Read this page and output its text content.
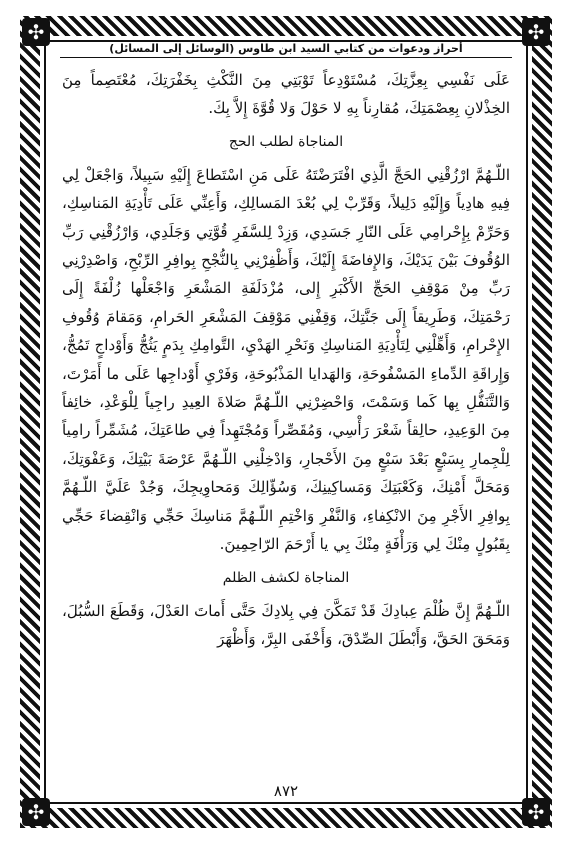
✣	✣
✣	✣
أحراز ودعوات من كتابي السيد ابن طاوس (الوسائل إلى المسائل)

عَلَى نَفْسِي بِعِزَّتِكَ، مُسْتَوْدِعاً تَوْبَتِي مِنَ النَّكْثِ بِخَفْرَتِكَ، مُعْتَصِماً مِنَ الخِذْلانِ بِعِصْمَتِكَ، مُقارِناً بِهِ لا حَوْلَ وَلا قُوَّةَ إِلاَّ بِكَ.

المناجاة لطلب الحج

اللّـهُمَّ ارْزُقْنِي الحَجَّ الَّذِي افْتَرَضْتَهُ عَلَى مَنِ اسْتَطاعَ إِلَيْهِ سَبِيلاً، وَاجْعَلْ لِي فِيهِ هادِياً وَإِلَيْهِ دَلِيلاً، وَقَرِّبْ لِي بُعْدَ المَسالِكِ، وَأَعِنِّي عَلَى تَأْدِيَةِ المَناسِكِ، وَحَرِّمْ بِإِحْرامِي عَلَى النّارِ جَسَدِي، وَزِدْ لِلسَّفَرِ قُوَّتِي وَجَلَدِي، وَارْزُقْنِي رَبِّ الوُقُوفَ بَيْنَ يَدَيْكَ، وَالإِفاضَةَ إِلَيْكَ، وَأَظْفِرْنِي بِالنُّجْحِ بِوافِرِ الرِّبْحِ، وَاصْدِرْنِي رَبِّ مِنْ مَوْقِفِ الحَجِّ الأَكْبَرِ إِلى، مُزْدَلَفَةِ المَشْعَرِ وَاجْعَلْها زُلْفَةً إِلَى رَحْمَتِكَ، وَطَرِيقاً إِلَى جَنَّتِكَ، وَقِفْنِي مَوْقِفَ المَشْعَرِ الحَرامِ، وَمَقامَ وُقُوفِ الإِحْرامِ، وَأَهِّلْنِي لِتَأْدِيَةِ المَناسِكِ وَنَحْرِ الهَدْيِ، التَّوامِكِ بِدَمٍ يَثُجُّ وَأَوْداجٍ تَمُجُّ، وَإِراقَةِ الدِّماءِ المَسْفُوحَةِ، وَالهَدايا المَذْبُوحَةِ، وَفَرْيِ أَوْداجِها عَلَى ما أَمَرْتَ، وَالتَّنَفُّلِ بِها كَما وَسَمْتَ، وَاحْضِرْنِي اللّـهُمَّ صَلاةَ العِيدِ راجِياً لِلْوَعْدِ، خائِفاً مِنَ الوَعِيدِ، حالِقاً شَعْرَ رَأْسِي، وَمُقَصِّراً وَمُجْتَهِداً فِي طاعَتِكَ، مُشَمِّراً رامِياً لِلْجِمارِ بِسَبْعٍ بَعْدَ سَبْعٍ مِنَ الأَحْجارِ، وَادْخِلْنِي اللّـهُمَّ عَرْصَةَ بَيْتِكَ، وَعَفْوَتِكَ، وَمَحَلَّ أَمْنِكَ، وَكَعْبَتِكَ وَمَساكِينِكَ، وَسُؤّالِكَ وَمَحاوِيجِكَ، وَجُدْ عَلَيَّ اللّـهُمَّ بِوافِرِ الأَجْرِ مِنَ الانْكِفاءِ، وَالنَّفْرِ وَاخْتِمِ اللّـهُمَّ مَناسِكَ حَجِّي وَانْقِضاءَ حَجِّي بِقَبُولٍ مِنْكَ لِي وَرَأْفَةٍ مِنْكَ بِي يا أَرْحَمَ الرّاحِمِينَ.

المناجاة لكشف الظلم

اللّـهُمَّ إِنَّ ظُلْمَ عِبادِكَ قَدْ تَمَكَّنَ فِي بِلادِكَ حَتَّى أَماتَ العَدْلَ، وَقَطَعَ السُّبُلَ، وَمَحَقَ الحَقَّ، وَأَبْطَلَ الصِّدْقَ، وَأَخْفَى البِرَّ، وَأَظْهَرَ

٨٧٢
